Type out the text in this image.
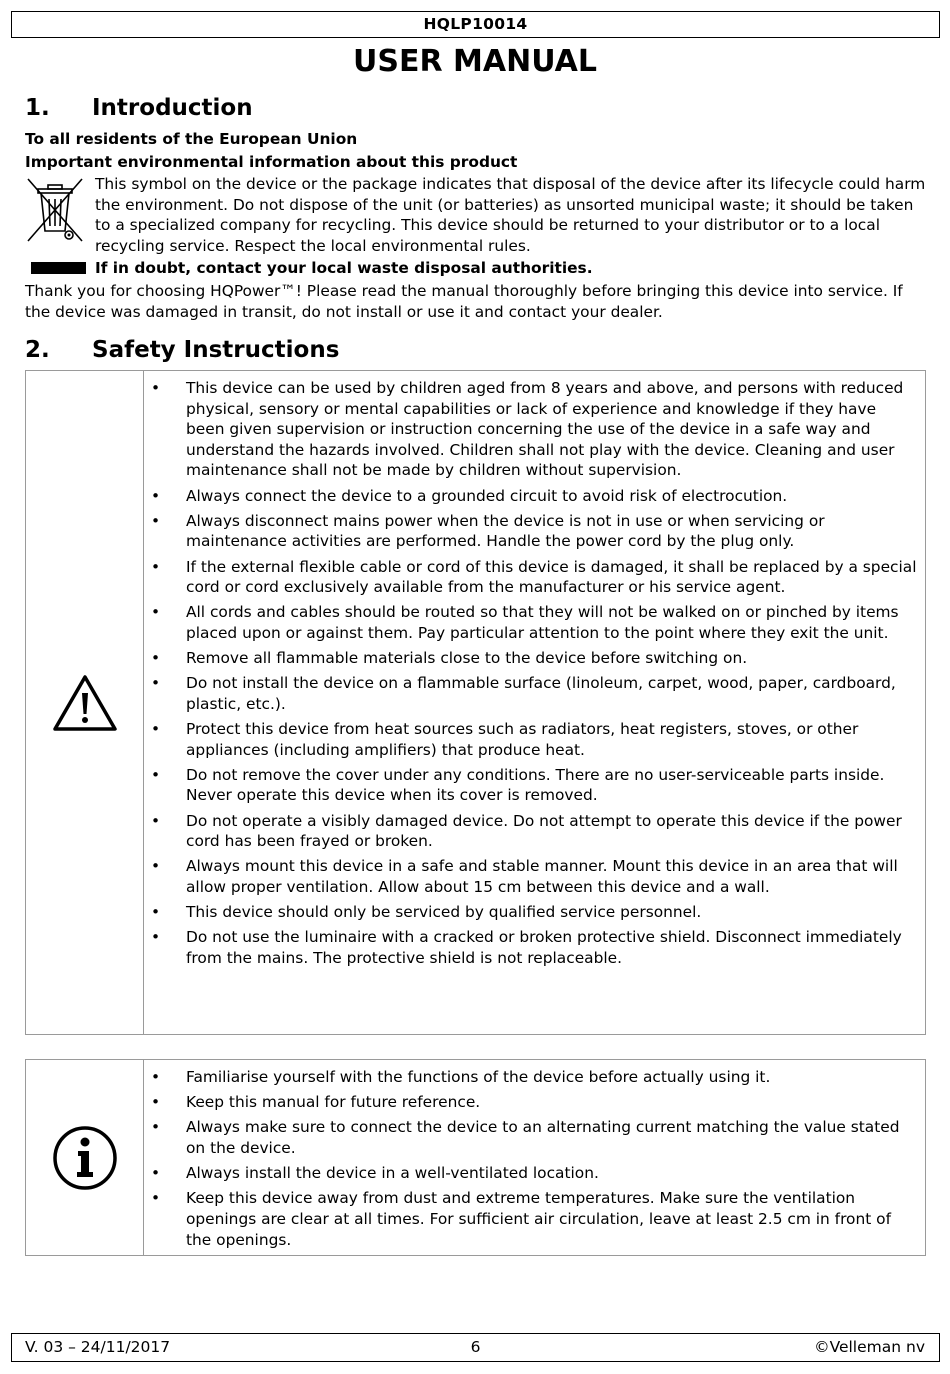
HQLP10014
USER MANUAL
1. Introduction
To all residents of the European Union
Important environmental information about this product
This symbol on the device or the package indicates that disposal of the device after its lifecycle could harm the environment. Do not dispose of the unit (or batteries) as unsorted municipal waste; it should be taken to a specialized company for recycling. This device should be returned to your distributor or to a local recycling service. Respect the local environmental rules.
If in doubt, contact your local waste disposal authorities.
Thank you for choosing HQPower™! Please read the manual thoroughly before bringing this device into service. If the device was damaged in transit, do not install or use it and contact your dealer.
2. Safety Instructions
• This device can be used by children aged from 8 years and above, and persons with reduced physical, sensory or mental capabilities or lack of experience and knowledge if they have been given supervision or instruction concerning the use of the device in a safe way and understand the hazards involved. Children shall not play with the device. Cleaning and user maintenance shall not be made by children without supervision.
• Always connect the device to a grounded circuit to avoid risk of electrocution.
• Always disconnect mains power when the device is not in use or when servicing or maintenance activities are performed. Handle the power cord by the plug only.
• If the external flexible cable or cord of this device is damaged, it shall be replaced by a special cord or cord exclusively available from the manufacturer or his service agent.
• All cords and cables should be routed so that they will not be walked on or pinched by items placed upon or against them. Pay particular attention to the point where they exit the unit.
• Remove all flammable materials close to the device before switching on.
• Do not install the device on a flammable surface (linoleum, carpet, wood, paper, cardboard, plastic, etc.).
• Protect this device from heat sources such as radiators, heat registers, stoves, or other appliances (including amplifiers) that produce heat.
• Do not remove the cover under any conditions. There are no user-serviceable parts inside. Never operate this device when its cover is removed.
• Do not operate a visibly damaged device. Do not attempt to operate this device if the power cord has been frayed or broken.
• Always mount this device in a safe and stable manner. Mount this device in an area that will allow proper ventilation. Allow about 15 cm between this device and a wall.
• This device should only be serviced by qualified service personnel.
• Do not use the luminaire with a cracked or broken protective shield. Disconnect immediately from the mains. The protective shield is not replaceable.
• Familiarise yourself with the functions of the device before actually using it.
• Keep this manual for future reference.
• Always make sure to connect the device to an alternating current matching the value stated on the device.
• Always install the device in a well-ventilated location.
• Keep this device away from dust and extreme temperatures. Make sure the ventilation openings are clear at all times. For sufficient air circulation, leave at least 2.5 cm in front of the openings.
V. 03 – 24/11/2017	6	©Velleman nv
